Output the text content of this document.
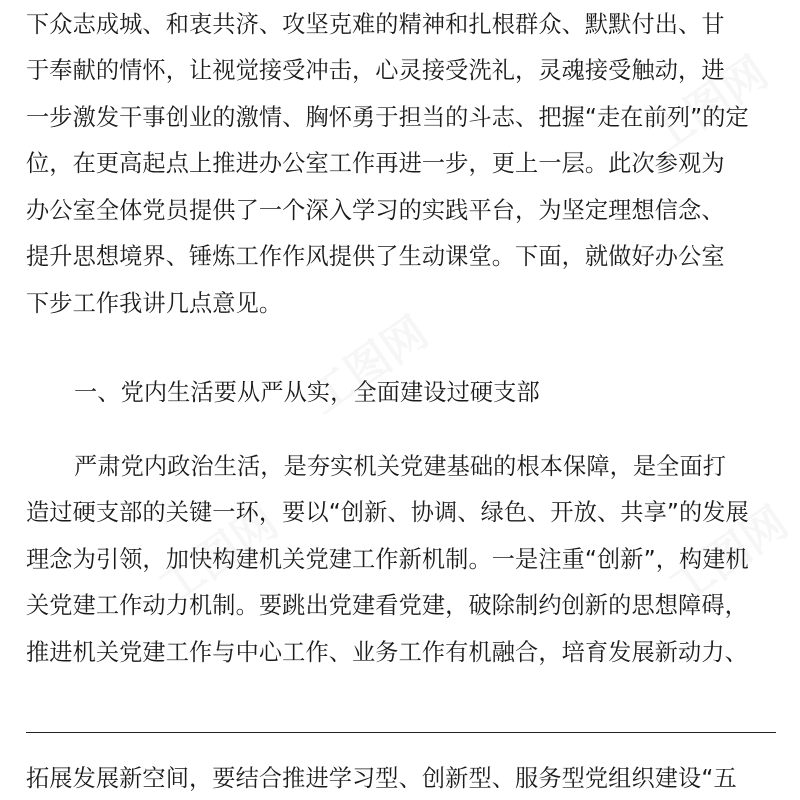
工图网
工图网
工图网
工图网
下众志成城、和衷共济、攻坚克难的精神和扎根群众、默默付出、甘
于奉献的情怀，让视觉接受冲击，心灵接受洗礼，灵魂接受触动，进
一步激发干事创业的激情、胸怀勇于担当的斗志、把握“走在前列”的定
位，在更高起点上推进办公室工作再进一步，更上一层。此次参观为
办公室全体党员提供了一个深入学习的实践平台，为坚定理想信念、
提升思想境界、锤炼工作作风提供了生动课堂。下面，就做好办公室
下步工作我讲几点意见。
一、党内生活要从严从实，全面建设过硬支部
严肃党内政治生活，是夯实机关党建基础的根本保障，是全面打
造过硬支部的关键一环，要以“创新、协调、绿色、开放、共享”的发展
理念为引领，加快构建机关党建工作新机制。一是注重“创新”，构建机
关党建工作动力机制。要跳出党建看党建，破除制约创新的思想障碍，
推进机关党建工作与中心工作、业务工作有机融合，培育发展新动力、
拓展发展新空间，要结合推进学习型、创新型、服务型党组织建设“五
